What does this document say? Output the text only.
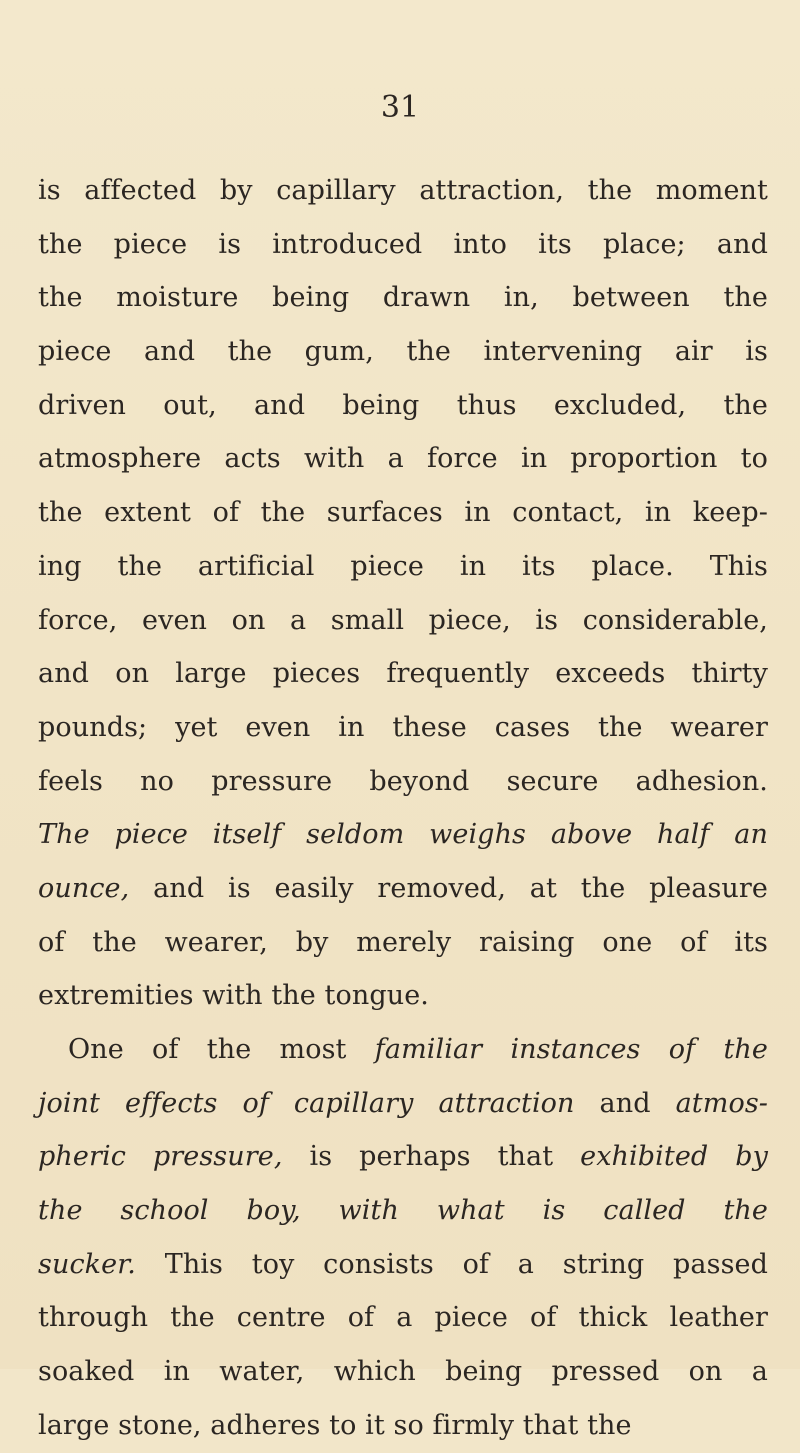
31
is affected by capillary attraction, the moment
the piece is introduced into its place; and
the moisture being drawn in, between the
piece and the gum, the intervening air is
driven out, and being thus excluded, the
atmosphere acts with a force in proportion to
the extent of the surfaces in contact, in keep-
ing the artificial piece in its place. This
force, even on a small piece, is considerable,
and on large pieces frequently exceeds thirty
pounds; yet even in these cases the wearer
feels no pressure beyond secure adhesion.
The piece itself seldom weighs above half an
ounce, and is easily removed, at the pleasure
of the wearer, by merely raising one of its
extremities with the tongue.
One of the most familiar instances of the
joint effects of capillary attraction and atmos-
pheric pressure, is perhaps that exhibited by
the school boy, with what is called the
sucker. This toy consists of a string passed
through the centre of a piece of thick leather
soaked in water, which being pressed on a
large stone, adheres to it so firmly that the
